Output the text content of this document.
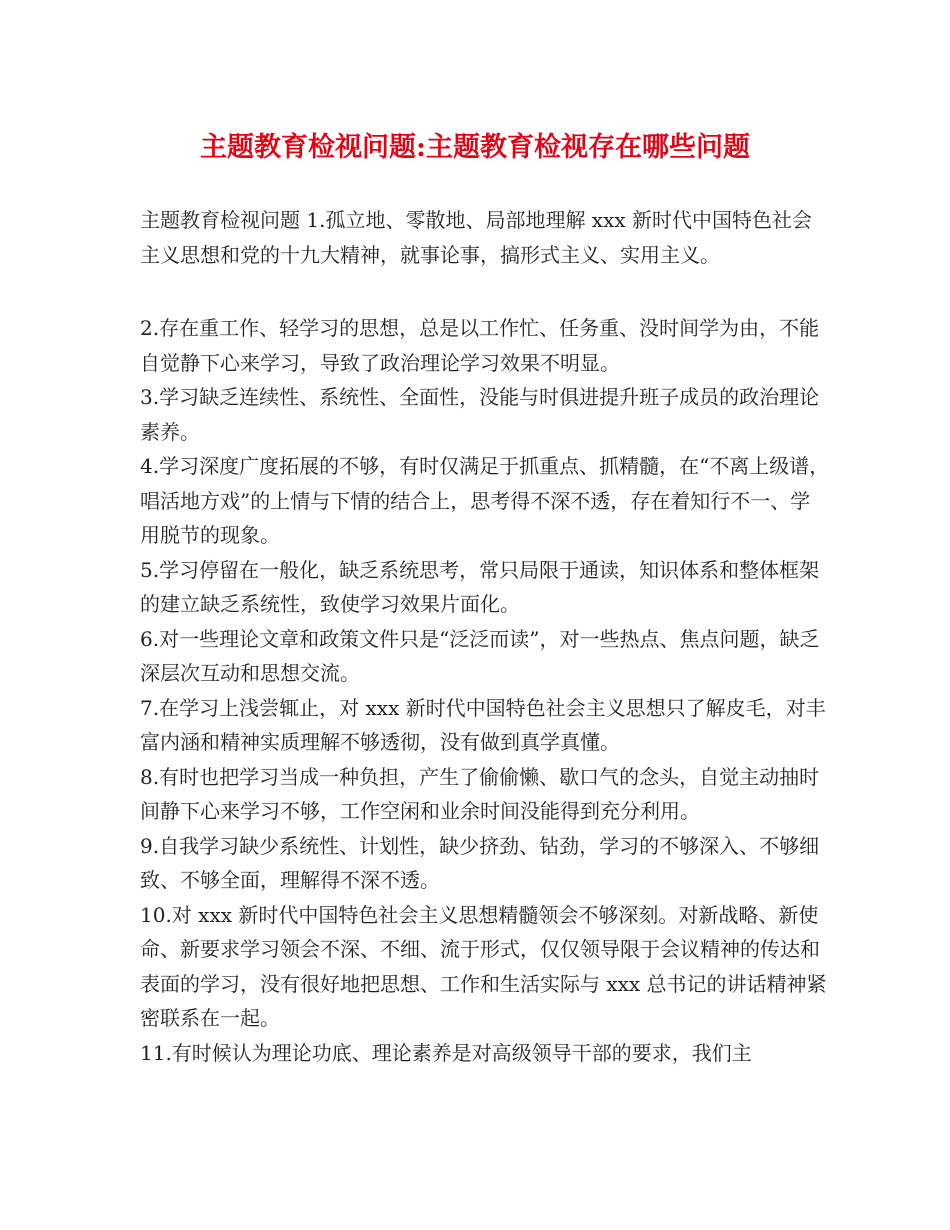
主题教育检视问题:主题教育检视存在哪些问题

主题教育检视问题 1.孤立地、零散地、局部地理解 xxx 新时代中国特色社会主义思想和党的十九大精神，就事论事，搞形式主义、实用主义。

2.存在重工作、轻学习的思想，总是以工作忙、任务重、没时间学为由，不能自觉静下心来学习，导致了政治理论学习效果不明显。

3.学习缺乏连续性、系统性、全面性，没能与时俱进提升班子成员的政治理论素养。

4.学习深度广度拓展的不够，有时仅满足于抓重点、抓精髓，在“不离上级谱，唱活地方戏”的上情与下情的结合上，思考得不深不透，存在着知行不一、学用脱节的现象。

5.学习停留在一般化，缺乏系统思考，常只局限于通读，知识体系和整体框架的建立缺乏系统性，致使学习效果片面化。

6.对一些理论文章和政策文件只是“泛泛而读”，对一些热点、焦点问题，缺乏深层次互动和思想交流。

7.在学习上浅尝辄止，对 xxx 新时代中国特色社会主义思想只了解皮毛，对丰富内涵和精神实质理解不够透彻，没有做到真学真懂。

8.有时也把学习当成一种负担，产生了偷偷懒、歇口气的念头，自觉主动抽时间静下心来学习不够，工作空闲和业余时间没能得到充分利用。

9.自我学习缺少系统性、计划性，缺少挤劲、钻劲，学习的不够深入、不够细致、不够全面，理解得不深不透。

10.对 xxx 新时代中国特色社会主义思想精髓领会不够深刻。对新战略、新使命、新要求学习领会不深、不细、流于形式，仅仅领导限于会议精神的传达和表面的学习，没有很好地把思想、工作和生活实际与 xxx 总书记的讲话精神紧密联系在一起。

11.有时候认为理论功底、理论素养是对高级领导干部的要求，我们主
